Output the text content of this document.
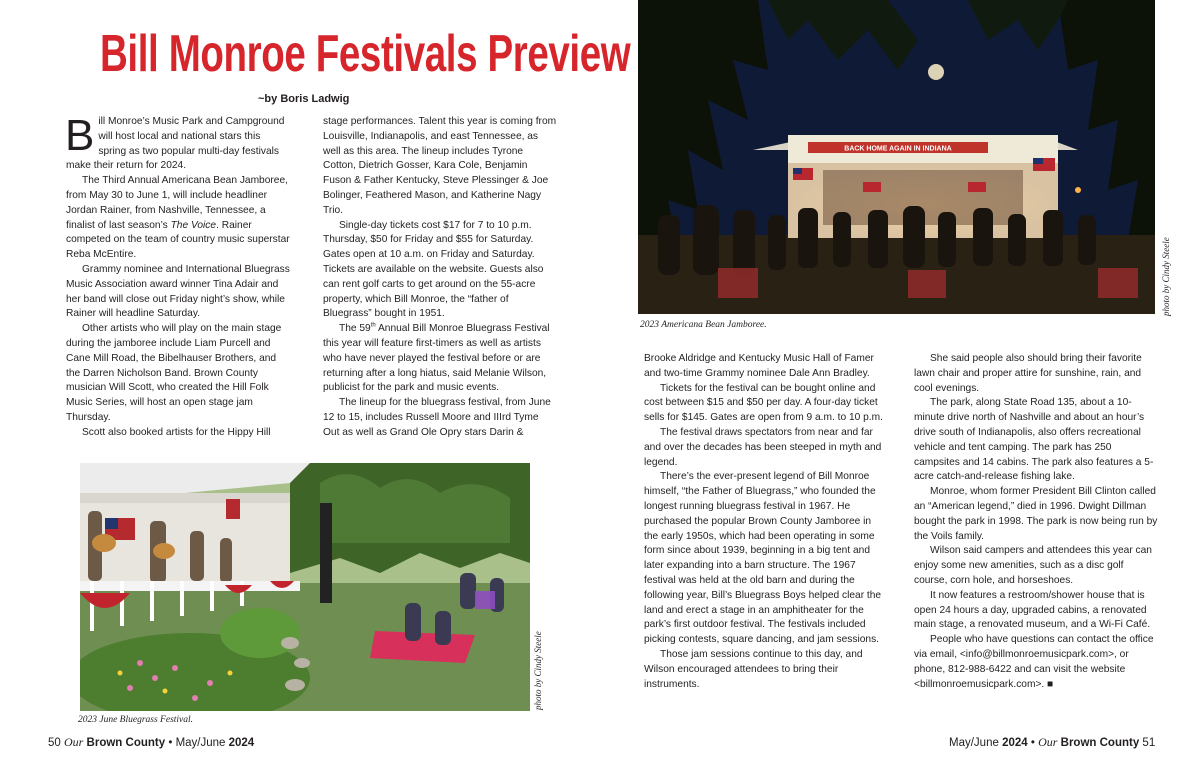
Bill Monroe Festivals Preview
~by Boris Ladwig

Bill Monroe’s Music Park and Campground will host local and national stars this spring as two popular multi-day festivals make their return for 2024.

The Third Annual Americana Bean Jamboree, from May 30 to June 1, will include headliner Jordan Rainer, from Nashville, Tennessee, a finalist of last season’s The Voice. Rainer competed on the team of country music superstar Reba McEntire.

Grammy nominee and International Bluegrass Music Association award winner Tina Adair and her band will close out Friday night’s show, while Rainer will headline Saturday.

Other artists who will play on the main stage during the jamboree include Liam Purcell and Cane Mill Road, the Bibelhauser Brothers, and the Darren Nicholson Band. Brown County musician Will Scott, who created the Hill Folk Music Series, will host an open stage jam Thursday.

Scott also booked artists for the Hippy Hill

stage performances. Talent this year is coming from Louisville, Indianapolis, and east Tennessee, as well as this area. The lineup includes Tyrone Cotton, Dietrich Gosser, Kara Cole, Benjamin Fuson & Father Kentucky, Steve Plessinger & Joe Bolinger, Feathered Mason, and Katherine Nagy Trio.

Single-day tickets cost $17 for 7 to 10 p.m. Thursday, $50 for Friday and $55 for Saturday. Gates open at 10 a.m. on Friday and Saturday. Tickets are available on the website. Guests also can rent golf carts to get around on the 55-acre property, which Bill Monroe, the “father of Bluegrass” bought in 1951.

The 59th Annual Bill Monroe Bluegrass Festival this year will feature first-timers as well as artists who have never played the festival before or are returning after a long hiatus, said Melanie Wilson, publicist for the park and music events.

The lineup for the bluegrass festival, from June 12 to 15, includes Russell Moore and IIIrd Tyme Out as well as Grand Ole Opry stars Darin &

BACK HOME AGAIN IN INDIANA
2023 Americana Bean Jamboree.
photo by Cindy Steele
2023 June Bluegrass Festival.
photo by Cindy Steele

Brooke Aldridge and Kentucky Music Hall of Famer and two-time Grammy nominee Dale Ann Bradley.

Tickets for the festival can be bought online and cost between $15 and $50 per day. A four-day ticket sells for $145. Gates are open from 9 a.m. to 10 p.m.

The festival draws spectators from near and far and over the decades has been steeped in myth and legend.

There’s the ever-present legend of Bill Monroe himself, “the Father of Bluegrass,” who founded the longest running bluegrass festival in 1967. He purchased the popular Brown County Jamboree in the early 1950s, which had been operating in some form since about 1939, beginning in a big tent and later expanding into a barn structure. The 1967 festival was held at the old barn and during the following year, Bill’s Bluegrass Boys helped clear the land and erect a stage in an amphitheater for the park’s first outdoor festival. The festivals included picking contests, square dancing, and jam sessions.

Those jam sessions continue to this day, and Wilson encouraged attendees to bring their instruments.

She said people also should bring their favorite lawn chair and proper attire for sunshine, rain, and cool evenings.

The park, along State Road 135, about a 10-minute drive north of Nashville and about an hour’s drive south of Indianapolis, also offers recreational vehicle and tent camping. The park has 250 campsites and 14 cabins. The park also features a 5-acre catch-and-release fishing lake.

Monroe, whom former President Bill Clinton called an “American legend,” died in 1996. Dwight Dillman bought the park in 1998. The park is now being run by the Voils family.

Wilson said campers and attendees this year can enjoy some new amenities, such as a disc golf course, corn hole, and horseshoes.

It now features a restroom/shower house that is open 24 hours a day, upgraded cabins, a renovated main stage, a renovated museum, and a Wi-Fi Café.

People who have questions can contact the office via email, <info@billmonroemusicpark.com>, or phone, 812-988-6422 and can visit the website <billmonroemusicpark.com>. ■

50 Our Brown County • May/June 2024	May/June 2024 • Our Brown County 51
